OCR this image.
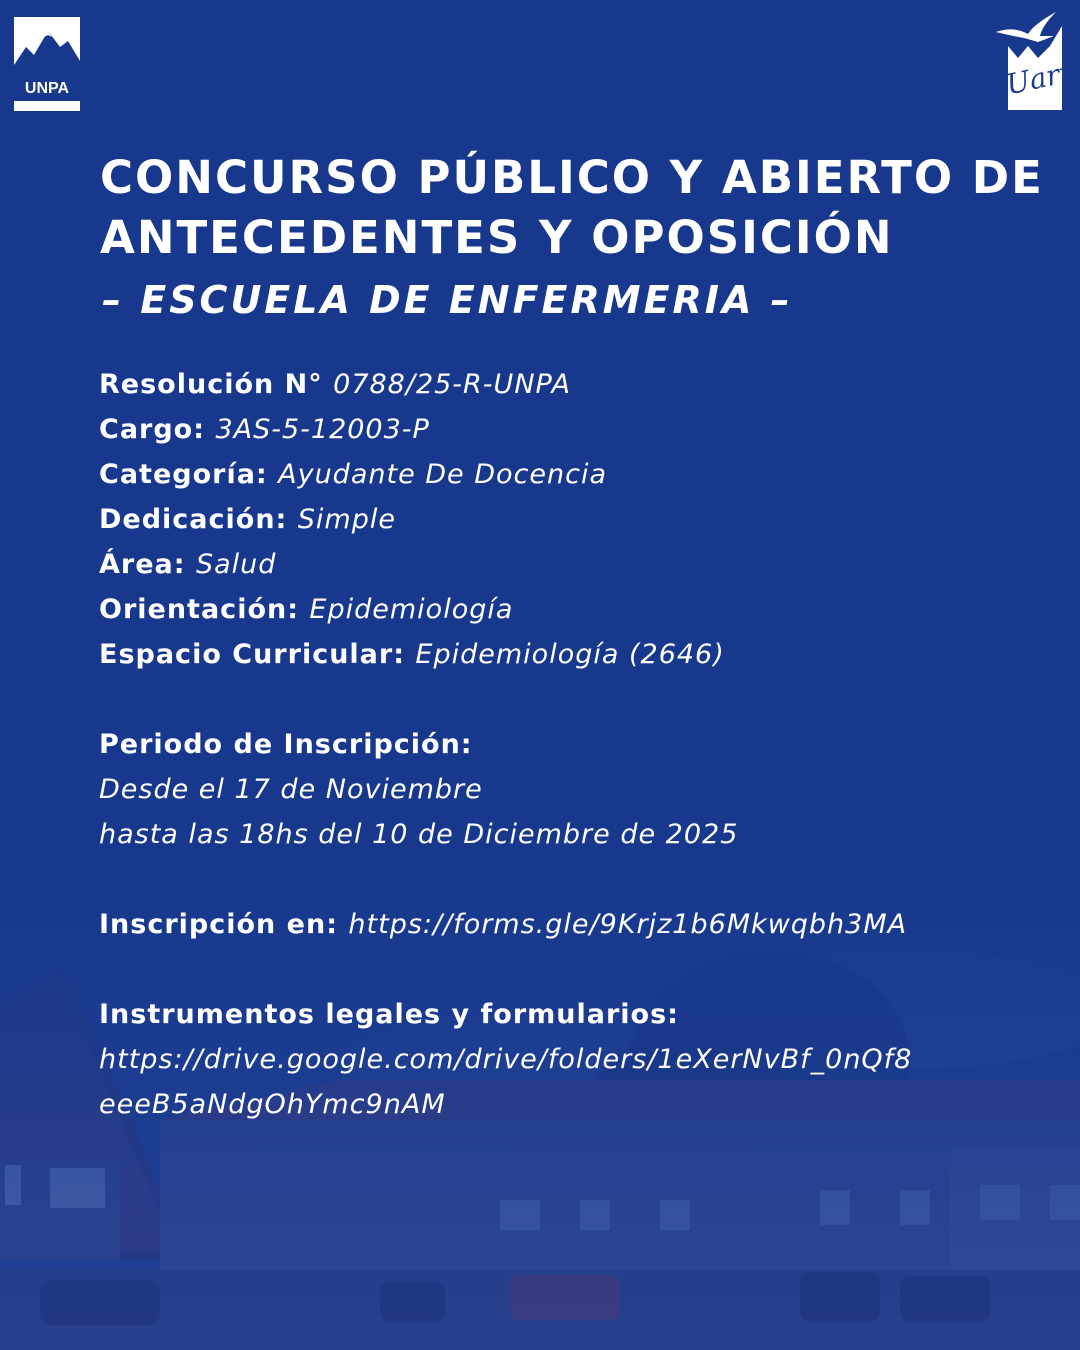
UNPA	Uart
CONCURSO PÚBLICO Y ABIERTO DE
ANTECEDENTES Y OPOSICIÓN
– ESCUELA DE ENFERMERIA –
Resolución N° 0788/25-R-UNPA
Cargo: 3AS-5-12003-P
Categoría: Ayudante De Docencia
Dedicación: Simple
Área: Salud
Orientación: Epidemiología
Espacio Curricular: Epidemiología (2646)
Periodo de Inscripción:
Desde el 17 de Noviembre
hasta las 18hs del 10 de Diciembre de 2025
Inscripción en: https://forms.gle/9Krjz1b6Mkwqbh3MA
Instrumentos legales y formularios:
https://drive.google.com/drive/folders/1eXerNvBf_0nQf8
eeeB5aNdgOhYmc9nAM
